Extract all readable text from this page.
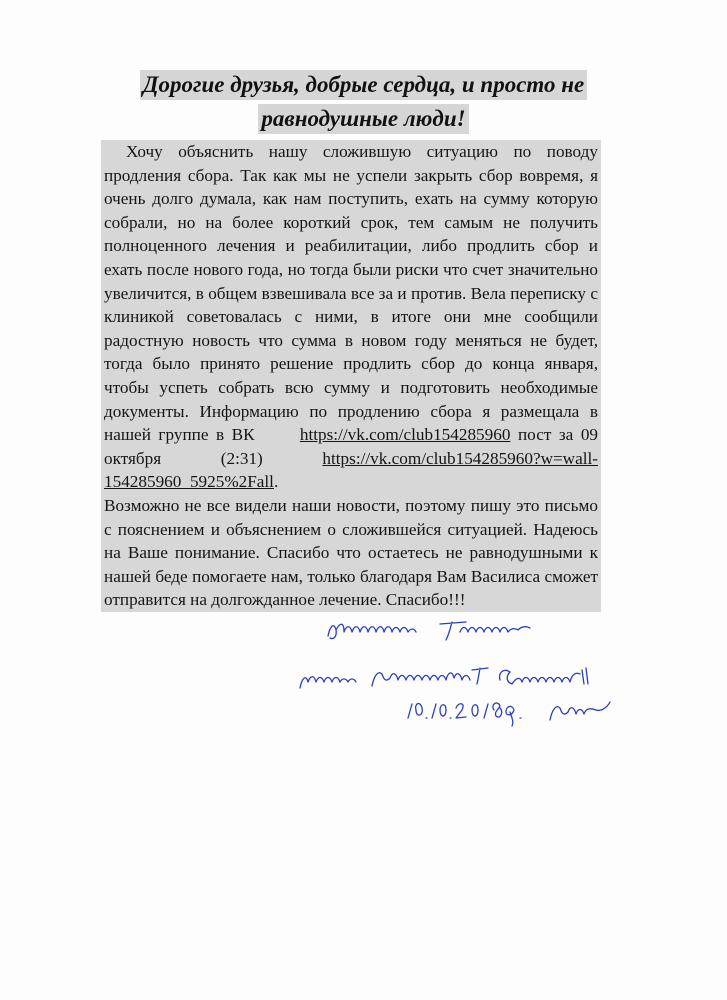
Дорогие друзья, добрые сердца, и просто не
равнодушные люди!

Хочу объяснить нашу сложившую ситуацию по поводу продления сбора. Так как мы не успели закрыть сбор вовремя, я очень долго думала, как нам поступить, ехать на сумму которую собрали, но на более короткий срок, тем самым не получить полноценного лечения и реабилитации, либо продлить сбор и ехать после нового года, но тогда были риски что счет значительно увеличится, в общем взвешивала все за и против. Вела переписку с клиникой советовалась с ними, в итоге они мне сообщили радостную новость что сумма в новом году меняться не будет, тогда было принято решение продлить сбор до конца января, чтобы успеть собрать всю сумму и подготовить необходимые документы. Информацию по продлению сбора я размещала в нашей группе в ВК	https://vk.com/club154285960 пост за 09 октября (2:31)	https://vk.com/club154285960?w=wall-154285960_5925%2Fall.

Возможно не все видели наши новости, поэтому пишу это письмо с пояснением и объяснением о сложившейся ситуацией. Надеюсь на Ваше понимание. Спасибо что остаетесь не равнодушными к нашей беде помогаете нам, только благодаря Вам Василиса сможет отправится на долгожданное лечение. Спасибо!!!
